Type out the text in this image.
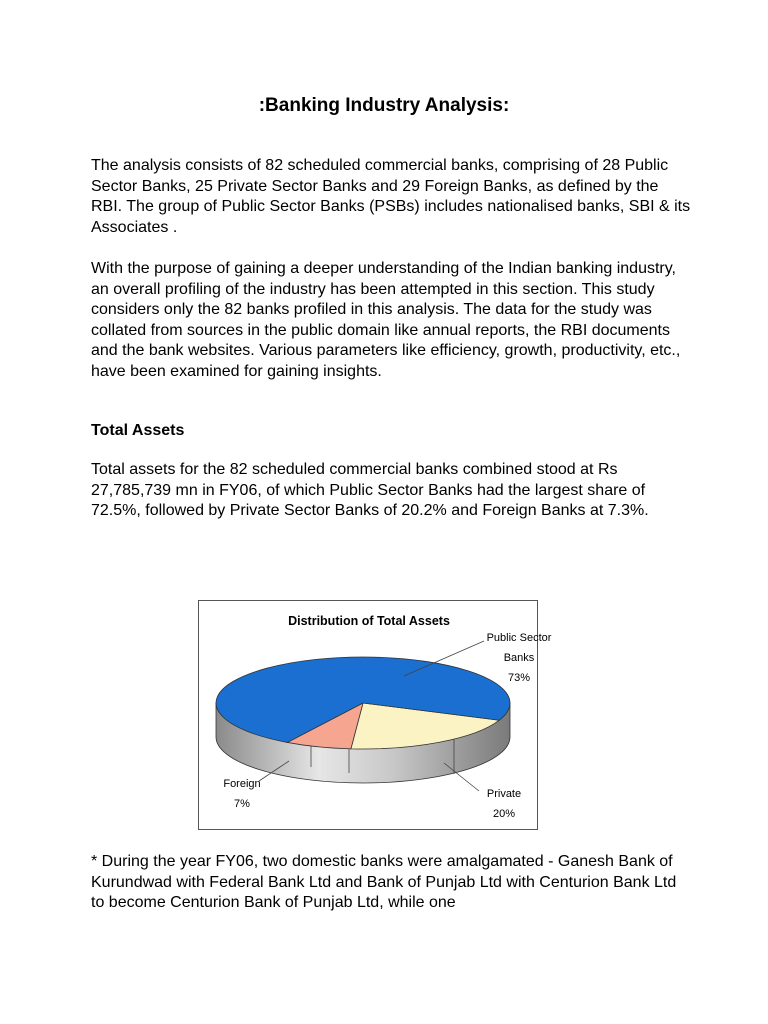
:Banking Industry Analysis:

The analysis consists of 82 scheduled commercial banks, comprising of 28 Public Sector Banks, 25 Private Sector Banks and 29 Foreign Banks, as defined by the RBI. The group of Public Sector Banks (PSBs) includes nationalised banks, SBI & its Associates .

With the purpose of gaining a deeper understanding of the Indian banking industry, an overall profiling of the industry has been attempted in this section. This study considers only the 82 banks profiled in this analysis. The data for the study was collated from sources in the public domain like annual reports, the RBI documents and the bank websites. Various parameters like efficiency, growth, productivity, etc., have been examined for gaining insights.

Total Assets

Total assets for the 82 scheduled commercial banks combined stood at Rs 27,785,739 mn in FY06, of which Public Sector Banks had the largest share of 72.5%, followed by Private Sector Banks of 20.2% and Foreign Banks at 7.3%.

Distribution of Total Assets
Public Sector
Banks
73%
Private
20%
Foreign
7%

* During the year FY06, two domestic banks were amalgamated - Ganesh Bank of Kurundwad with Federal Bank Ltd and Bank of Punjab Ltd with Centurion Bank Ltd to become Centurion Bank of Punjab Ltd, while one
